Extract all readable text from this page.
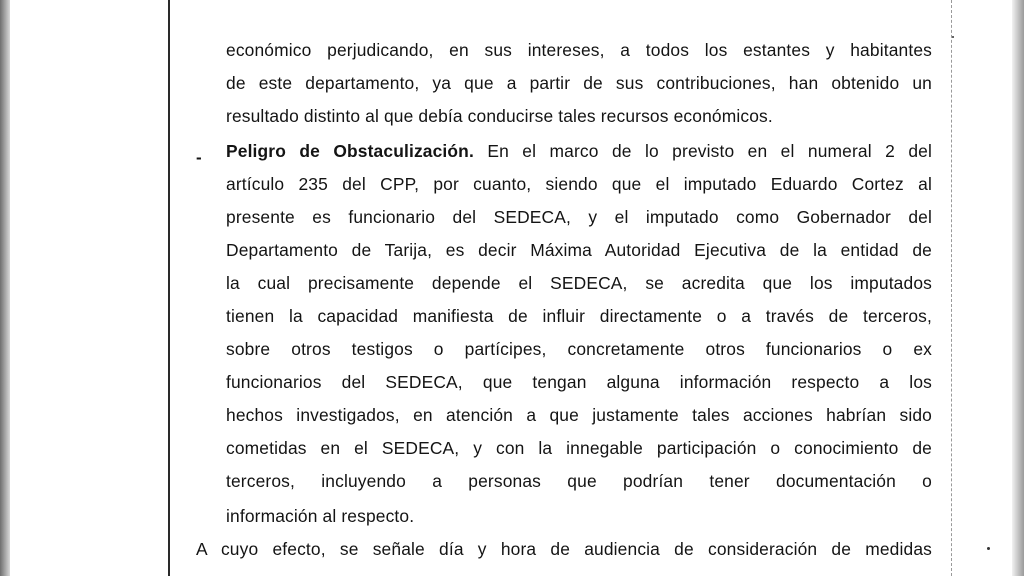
económico perjudicando, en sus intereses, a todos los estantes y habitantes
de este departamento, ya que a partir de sus contribuciones, han obtenido un
resultado distinto al que debía conducirse tales recursos económicos.
- Peligro de Obstaculización. En el marco de lo previsto en el numeral 2 del
artículo 235 del CPP, por cuanto, siendo que el imputado Eduardo Cortez al
presente es funcionario del SEDECA, y el imputado como Gobernador del
Departamento de Tarija, es decir Máxima Autoridad Ejecutiva de la entidad de
la cual precisamente depende el SEDECA, se acredita que los imputados
tienen la capacidad manifiesta de influir directamente o a través de terceros,
sobre otros testigos o partícipes, concretamente otros funcionarios o ex
funcionarios del SEDECA, que tengan alguna información respecto a los
hechos investigados, en atención a que justamente tales acciones habrían sido
cometidas en el SEDECA, y con la innegable participación o conocimiento de
terceros, incluyendo a personas que podrían tener documentación o
información al respecto.
A cuyo efecto, se señale día y hora de audiencia de consideración de medidas
